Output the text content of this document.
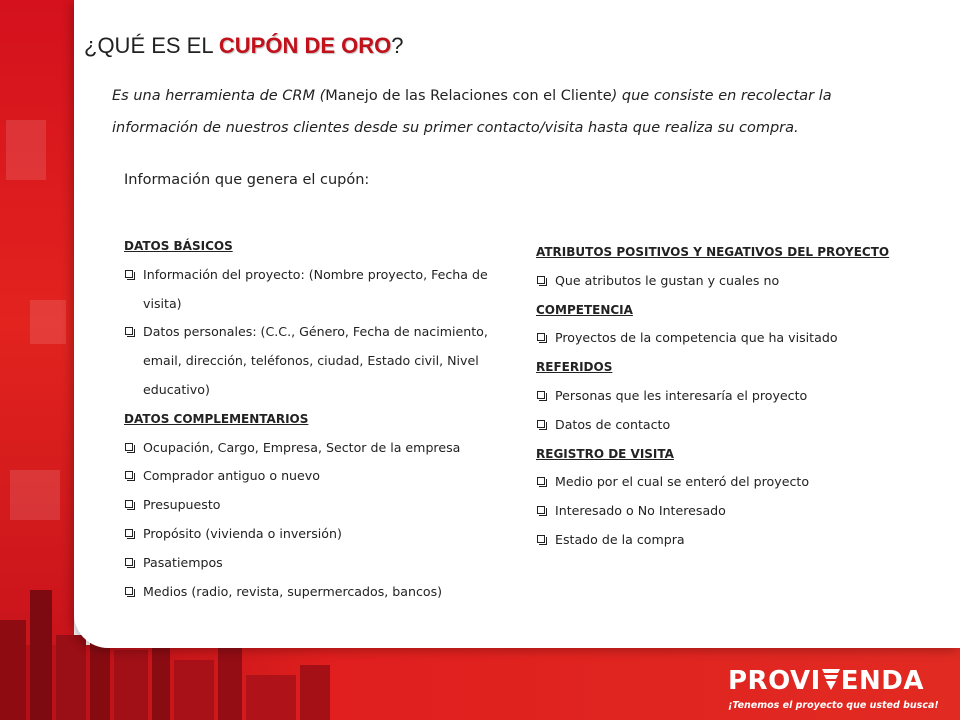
¿QUÉ ES EL CUPÓN DE ORO?

Es una herramienta de CRM (Manejo de las Relaciones con el Cliente) que consiste en recolectar la información de nuestros clientes desde su primer contacto/visita hasta que realiza su compra.

Información que genera el cupón:

DATOS BÁSICOS
Información del proyecto: (Nombre proyecto, Fecha de visita)
Datos personales: (C.C., Género, Fecha de nacimiento, email, dirección, teléfonos, ciudad, Estado civil, Nivel educativo)
DATOS COMPLEMENTARIOS
Ocupación, Cargo, Empresa, Sector de la empresa
Comprador antiguo o nuevo
Presupuesto
Propósito (vivienda o inversión)
Pasatiempos
Medios (radio, revista, supermercados, bancos)
ATRIBUTOS POSITIVOS Y NEGATIVOS DEL PROYECTO
Que atributos le gustan y cuales no
COMPETENCIA
Proyectos de la competencia que ha visitado
REFERIDOS
Personas que les interesaría el proyecto
Datos de contacto
REGISTRO DE VISITA
Medio por el cual se enteró del proyecto
Interesado o No Interesado
Estado de la compra
PROVI ENDA
¡Tenemos el proyecto que usted busca!
